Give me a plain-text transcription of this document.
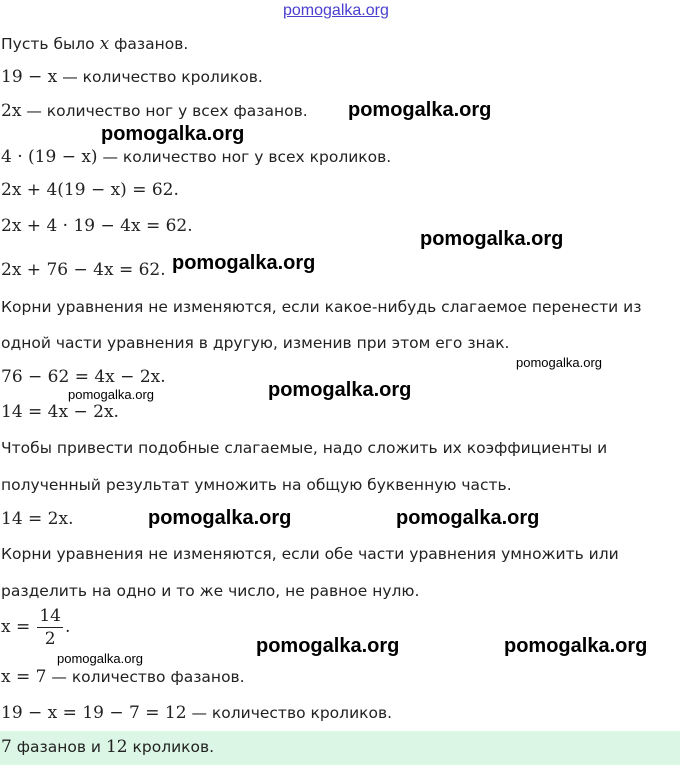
pomogalka.org
Пусть было x фазанов.
19 − x — количество кроликов.
2x — количество ног у всех фазанов.
4 · (19 − x) — количество ног у всех кроликов.
2x + 4(19 − x) = 62.
2x + 4 · 19 − 4x = 62.
2x + 76 − 4x = 62.
Корни уравнения не изменяются, если какое-нибудь слагаемое перенести из
одной части уравнения в другую, изменив при этом его знак.
76 − 62 = 4x − 2x.
14 = 4x − 2x.
Чтобы привести подобные слагаемые, надо сложить их коэффициенты и
полученный результат умножить на общую буквенную часть.
14 = 2x.
Корни уравнения не изменяются, если обе части уравнения умножить или
разделить на одно и то же число, не равное нулю.
$x = \frac{14}{2}$ .
x = 7 — количество фазанов.
19 − x = 19 − 7 = 12 — количество кроликов.
7 фазанов и 12 кроликов.
pomogalka.org
pomogalka.org
pomogalka.org
pomogalka.org
pomogalka.org
pomogalka.org
pomogalka.org
pomogalka.org	pomogalka.org
pomogalka.org	pomogalka.org
pomogalka.org
